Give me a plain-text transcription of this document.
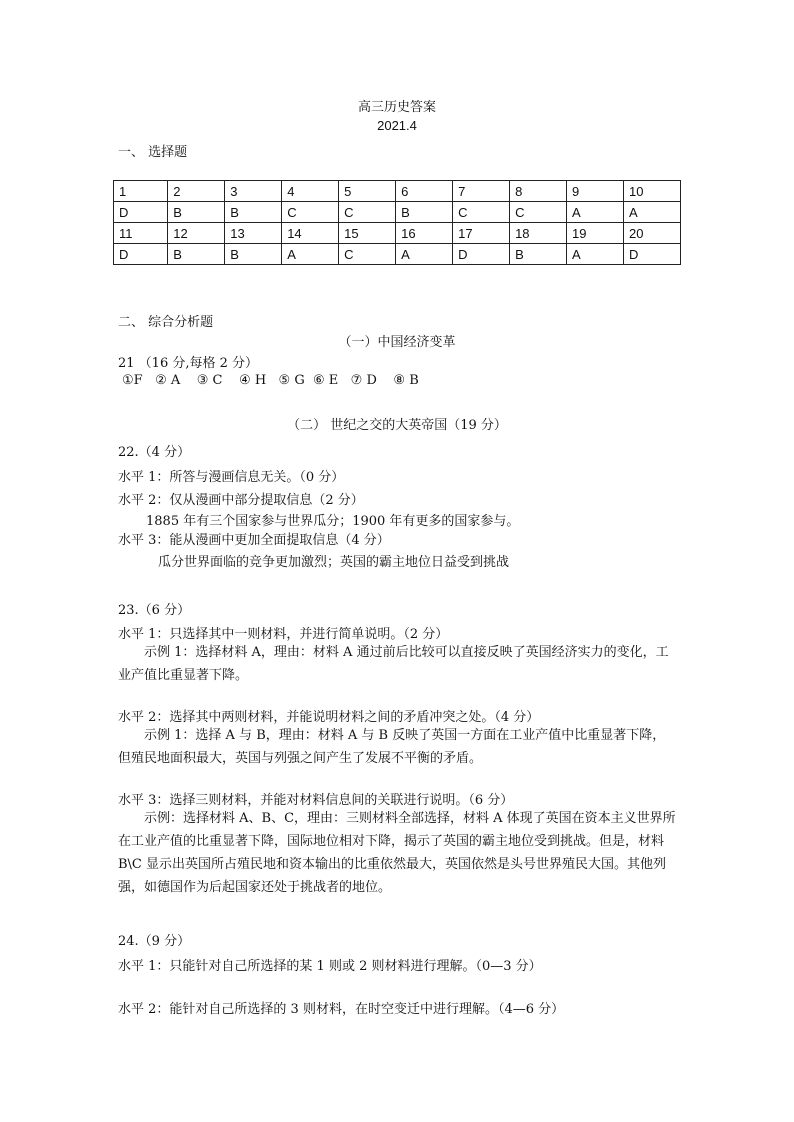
高三历史答案
2021.4
一、 选择题
1	2	3	4	5	6	7	8	9	10
D	B	B	C	C	B	C	C	A	A
11	12	13	14	15	16	17	18	19	20
D	B	B	A	C	A	D	B	A	D
二、 综合分析题
（一）中国经济变革
21 （16 分,每格 2 分）
①F   ② A    ③ C    ④ H   ⑤ G  ⑥ E   ⑦ D    ⑧ B
（二） 世纪之交的大英帝国（19 分）
22.（4 分）
水平 1：所答与漫画信息无关。（0 分）
水平 2：仅从漫画中部分提取信息（2 分）
1885 年有三个国家参与世界瓜分；1900 年有更多的国家参与。
水平 3：能从漫画中更加全面提取信息（4 分）
瓜分世界面临的竞争更加激烈；英国的霸主地位日益受到挑战
23.（6 分）
水平 1：只选择其中一则材料，并进行简单说明。（2 分）
示例 1：选择材料 A，理由：材料 A 通过前后比较可以直接反映了英国经济实力的变化，工业产值比重显著下降。
水平 2：选择其中两则材料，并能说明材料之间的矛盾冲突之处。（4 分）
示例 1：选择 A 与 B，理由：材料 A 与 B 反映了英国一方面在工业产值中比重显著下降，但殖民地面积最大，英国与列强之间产生了发展不平衡的矛盾。
水平 3：选择三则材料，并能对材料信息间的关联进行说明。（6 分）
示例：选择材料 A、B、C，理由：三则材料全部选择，材料 A 体现了英国在资本主义世界所在工业产值的比重显著下降，国际地位相对下降，揭示了英国的霸主地位受到挑战。但是，材料 B\C 显示出英国所占殖民地和资本输出的比重依然最大，英国依然是头号世界殖民大国。其他列强，如德国作为后起国家还处于挑战者的地位。
24.（9 分）
水平 1：只能针对自己所选择的某 1 则或 2 则材料进行理解。（0—3 分）
水平 2：能针对自己所选择的 3 则材料，在时空变迁中进行理解。（4—6 分）
